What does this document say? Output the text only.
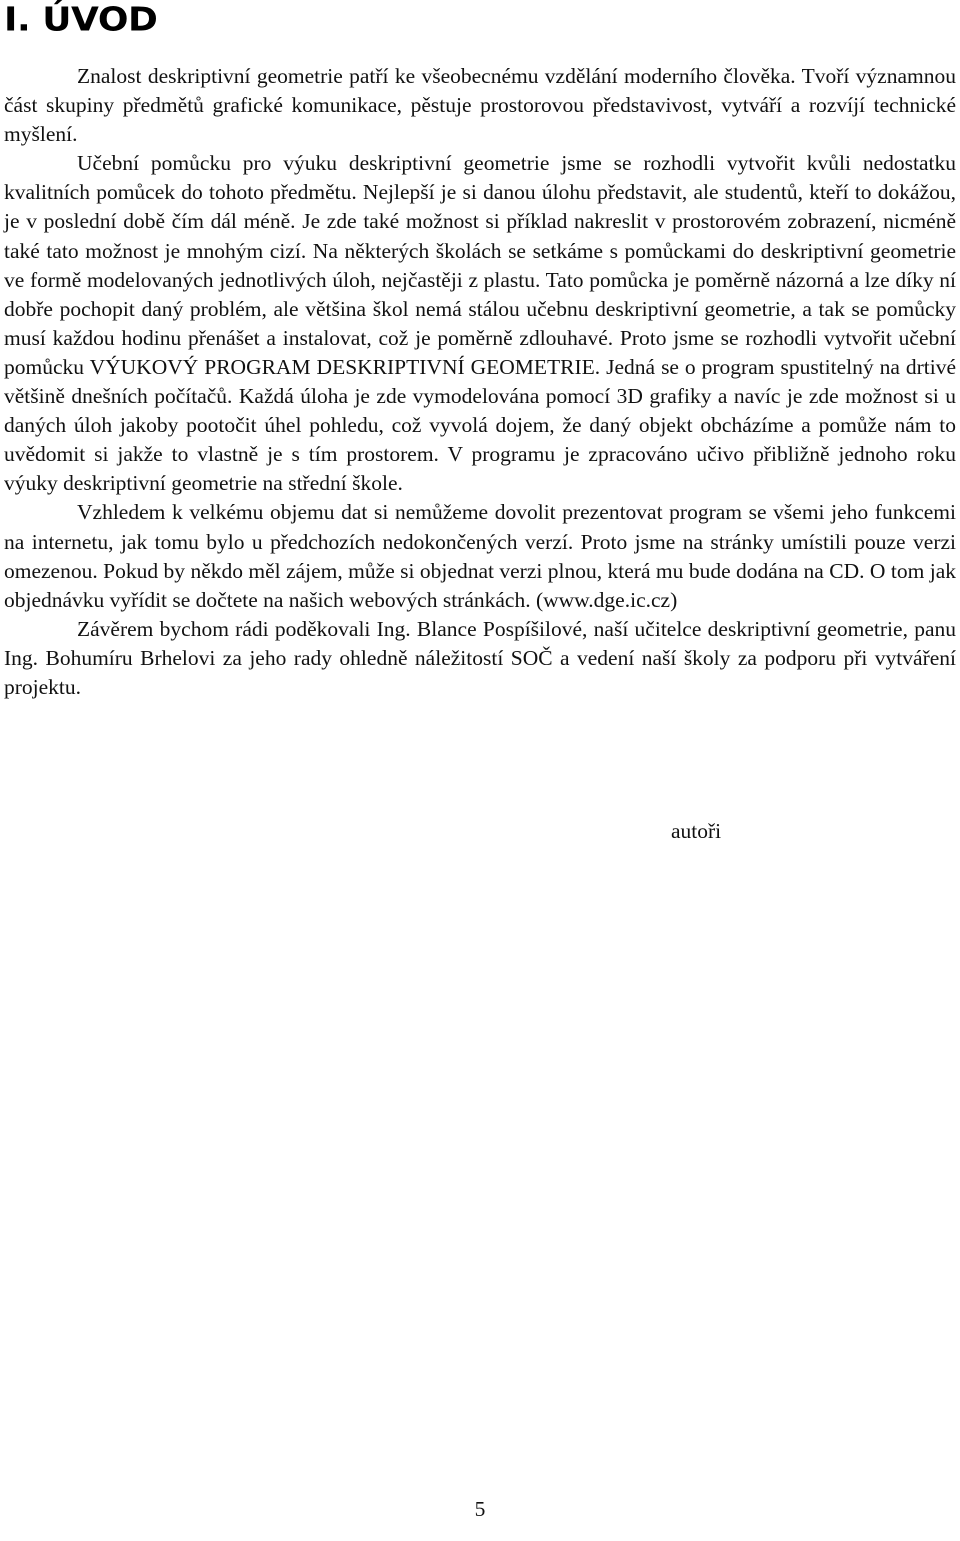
I. ÚVOD

Znalost deskriptivní geometrie patří ke všeobecnému vzdělání moderního člověka. Tvoří významnou část skupiny předmětů grafické komunikace, pěstuje prostorovou představivost, vytváří a rozvíjí technické myšlení.

Učební pomůcku pro výuku deskriptivní geometrie jsme se rozhodli vytvořit kvůli nedostatku kvalitních pomůcek do tohoto předmětu. Nejlepší je si danou úlohu představit, ale studentů, kteří to dokážou, je v poslední době čím dál méně. Je zde také možnost si příklad nakreslit v prostorovém zobrazení, nicméně také tato možnost je mnohým cizí. Na některých školách se setkáme s pomůckami do deskriptivní geometrie ve formě modelovaných jednotlivých úloh, nejčastěji z plastu. Tato pomůcka je poměrně názorná a lze díky ní dobře pochopit daný problém, ale většina škol nemá stálou učebnu deskriptivní geometrie, a tak se pomůcky musí každou hodinu přenášet a instalovat, což je poměrně zdlouhavé. Proto jsme se rozhodli vytvořit učební pomůcku VÝUKOVÝ PROGRAM DESKRIPTIVNÍ GEOMETRIE. Jedná se o program spustitelný na drtivé většině dnešních počítačů. Každá úloha je zde vymodelována pomocí 3D grafiky a navíc je zde možnost si u daných úloh jakoby pootočit úhel pohledu, což vyvolá dojem, že daný objekt obcházíme a pomůže nám to uvědomit si jakže to vlastně je s tím prostorem. V programu je zpracováno učivo přibližně jednoho roku výuky deskriptivní geometrie na střední škole.

Vzhledem k velkému objemu dat si nemůžeme dovolit prezentovat program se všemi jeho funkcemi na internetu, jak tomu bylo u předchozích nedokončených verzí. Proto jsme na stránky umístili pouze verzi omezenou. Pokud by někdo měl zájem, může si objednat verzi plnou, která mu bude dodána na CD. O tom jak objednávku vyřídit se dočtete na našich webových stránkách. (www.dge.ic.cz)

Závěrem bychom rádi poděkovali Ing. Blance Pospíšilové, naší učitelce deskriptivní geometrie, panu Ing. Bohumíru Brhelovi za jeho rady ohledně náležitostí SOČ a vedení naší školy za podporu při vytváření projektu.

autoři
5
